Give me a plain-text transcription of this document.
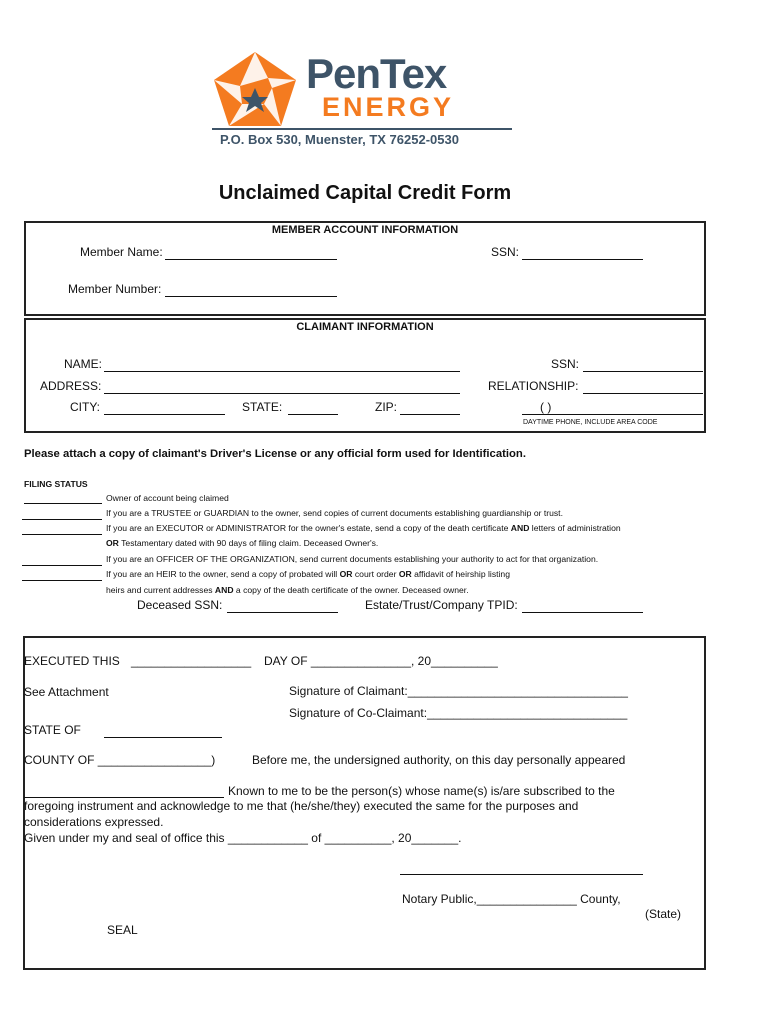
PenTex
ENERGY
P.O. Box 530, Muenster, TX 76252-0530
Unclaimed Capital Credit Form
MEMBER ACCOUNT INFORMATION
Member Name:	SSN:
Member Number:
CLAIMANT INFORMATION
NAME:	SSN:
ADDRESS:	RELATIONSHIP:
CITY:	STATE:	ZIP:	( )
DAYTIME PHONE, INCLUDE AREA CODE
Please attach a copy of claimant's Driver's License or any official form used for Identification.
FILING STATUS
Owner of account being claimed
If you are a TRUSTEE or GUARDIAN to the owner, send copies of current documents establishing guardianship or trust.
If you are an EXECUTOR or ADMINISTRATOR for the owner's estate, send a copy of the death certificate AND letters of administration
OR Testamentary dated with 90 days of filing claim. Deceased Owner's.
If you are an OFFICER OF THE ORGANIZATION, send current documents establishing your authority to act for that organization.
If you are an HEIR to the owner, send a copy of probated will OR court order OR affidavit of heirship listing
heirs and current addresses AND a copy of the death certificate of the owner. Deceased owner.
Deceased SSN:	Estate/Trust/Company TPID:
EXECUTED THIS __________________ DAY OF _______________, 20__________
See Attachment	Signature of Claimant:_________________________________
Signature of Co-Claimant:______________________________
STATE OF
COUNTY OF _________________)	Before me, the undersigned authority, on this day personally appeared
Known to me to be the person(s) whose name(s) is/are subscribed to the
foregoing instrument and acknowledge to me that (he/she/they) executed the same for the purposes and
considerations expressed.
Given under my and seal of office this ____________ of __________, 20_______.
Notary Public,_______________ County,
(State)
SEAL
